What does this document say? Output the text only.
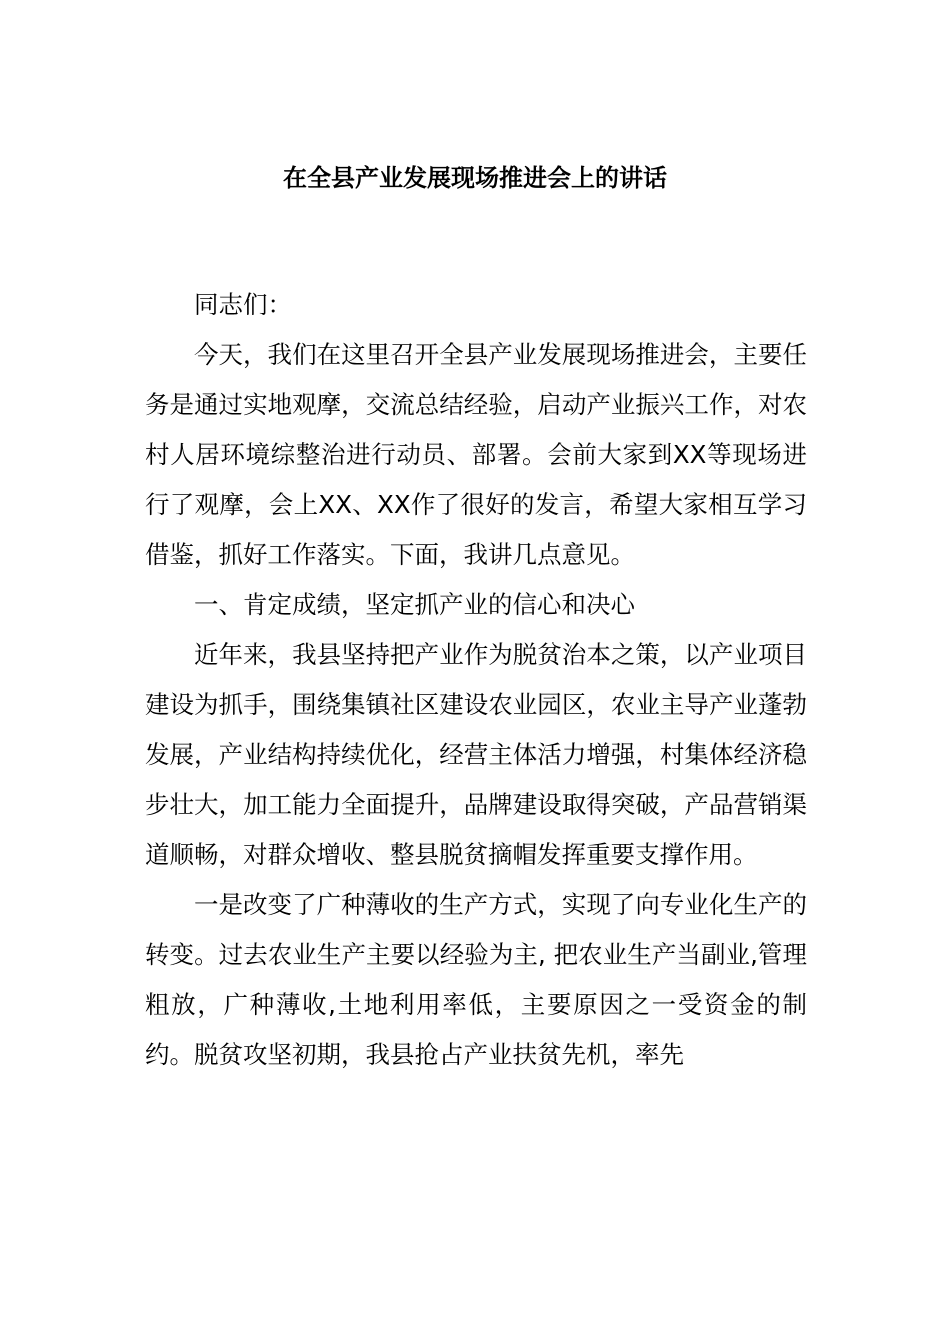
在全县产业发展现场推进会上的讲话

同志们：

今天，我们在这里召开全县产业发展现场推进会，主要任务是通过实地观摩，交流总结经验，启动产业振兴工作，对农村人居环境综整治进行动员、部署。会前大家到XX等现场进行了观摩，会上XX、XX作了很好的发言，希望大家相互学习借鉴，抓好工作落实。下面，我讲几点意见。

一、肯定成绩，坚定抓产业的信心和决心

近年来，我县坚持把产业作为脱贫治本之策，以产业项目建设为抓手，围绕集镇社区建设农业园区，农业主导产业蓬勃发展，产业结构持续优化，经营主体活力增强，村集体经济稳步壮大，加工能力全面提升，品牌建设取得突破，产品营销渠道顺畅，对群众增收、整县脱贫摘帽发挥重要支撑作用。

一是改变了广种薄收的生产方式，实现了向专业化生产的转变。过去农业生产主要以经验为主, 把农业生产当副业,管理粗放，广种薄收,土地利用率低，主要原因之一受资金的制约。脱贫攻坚初期，我县抢占产业扶贫先机，率先
